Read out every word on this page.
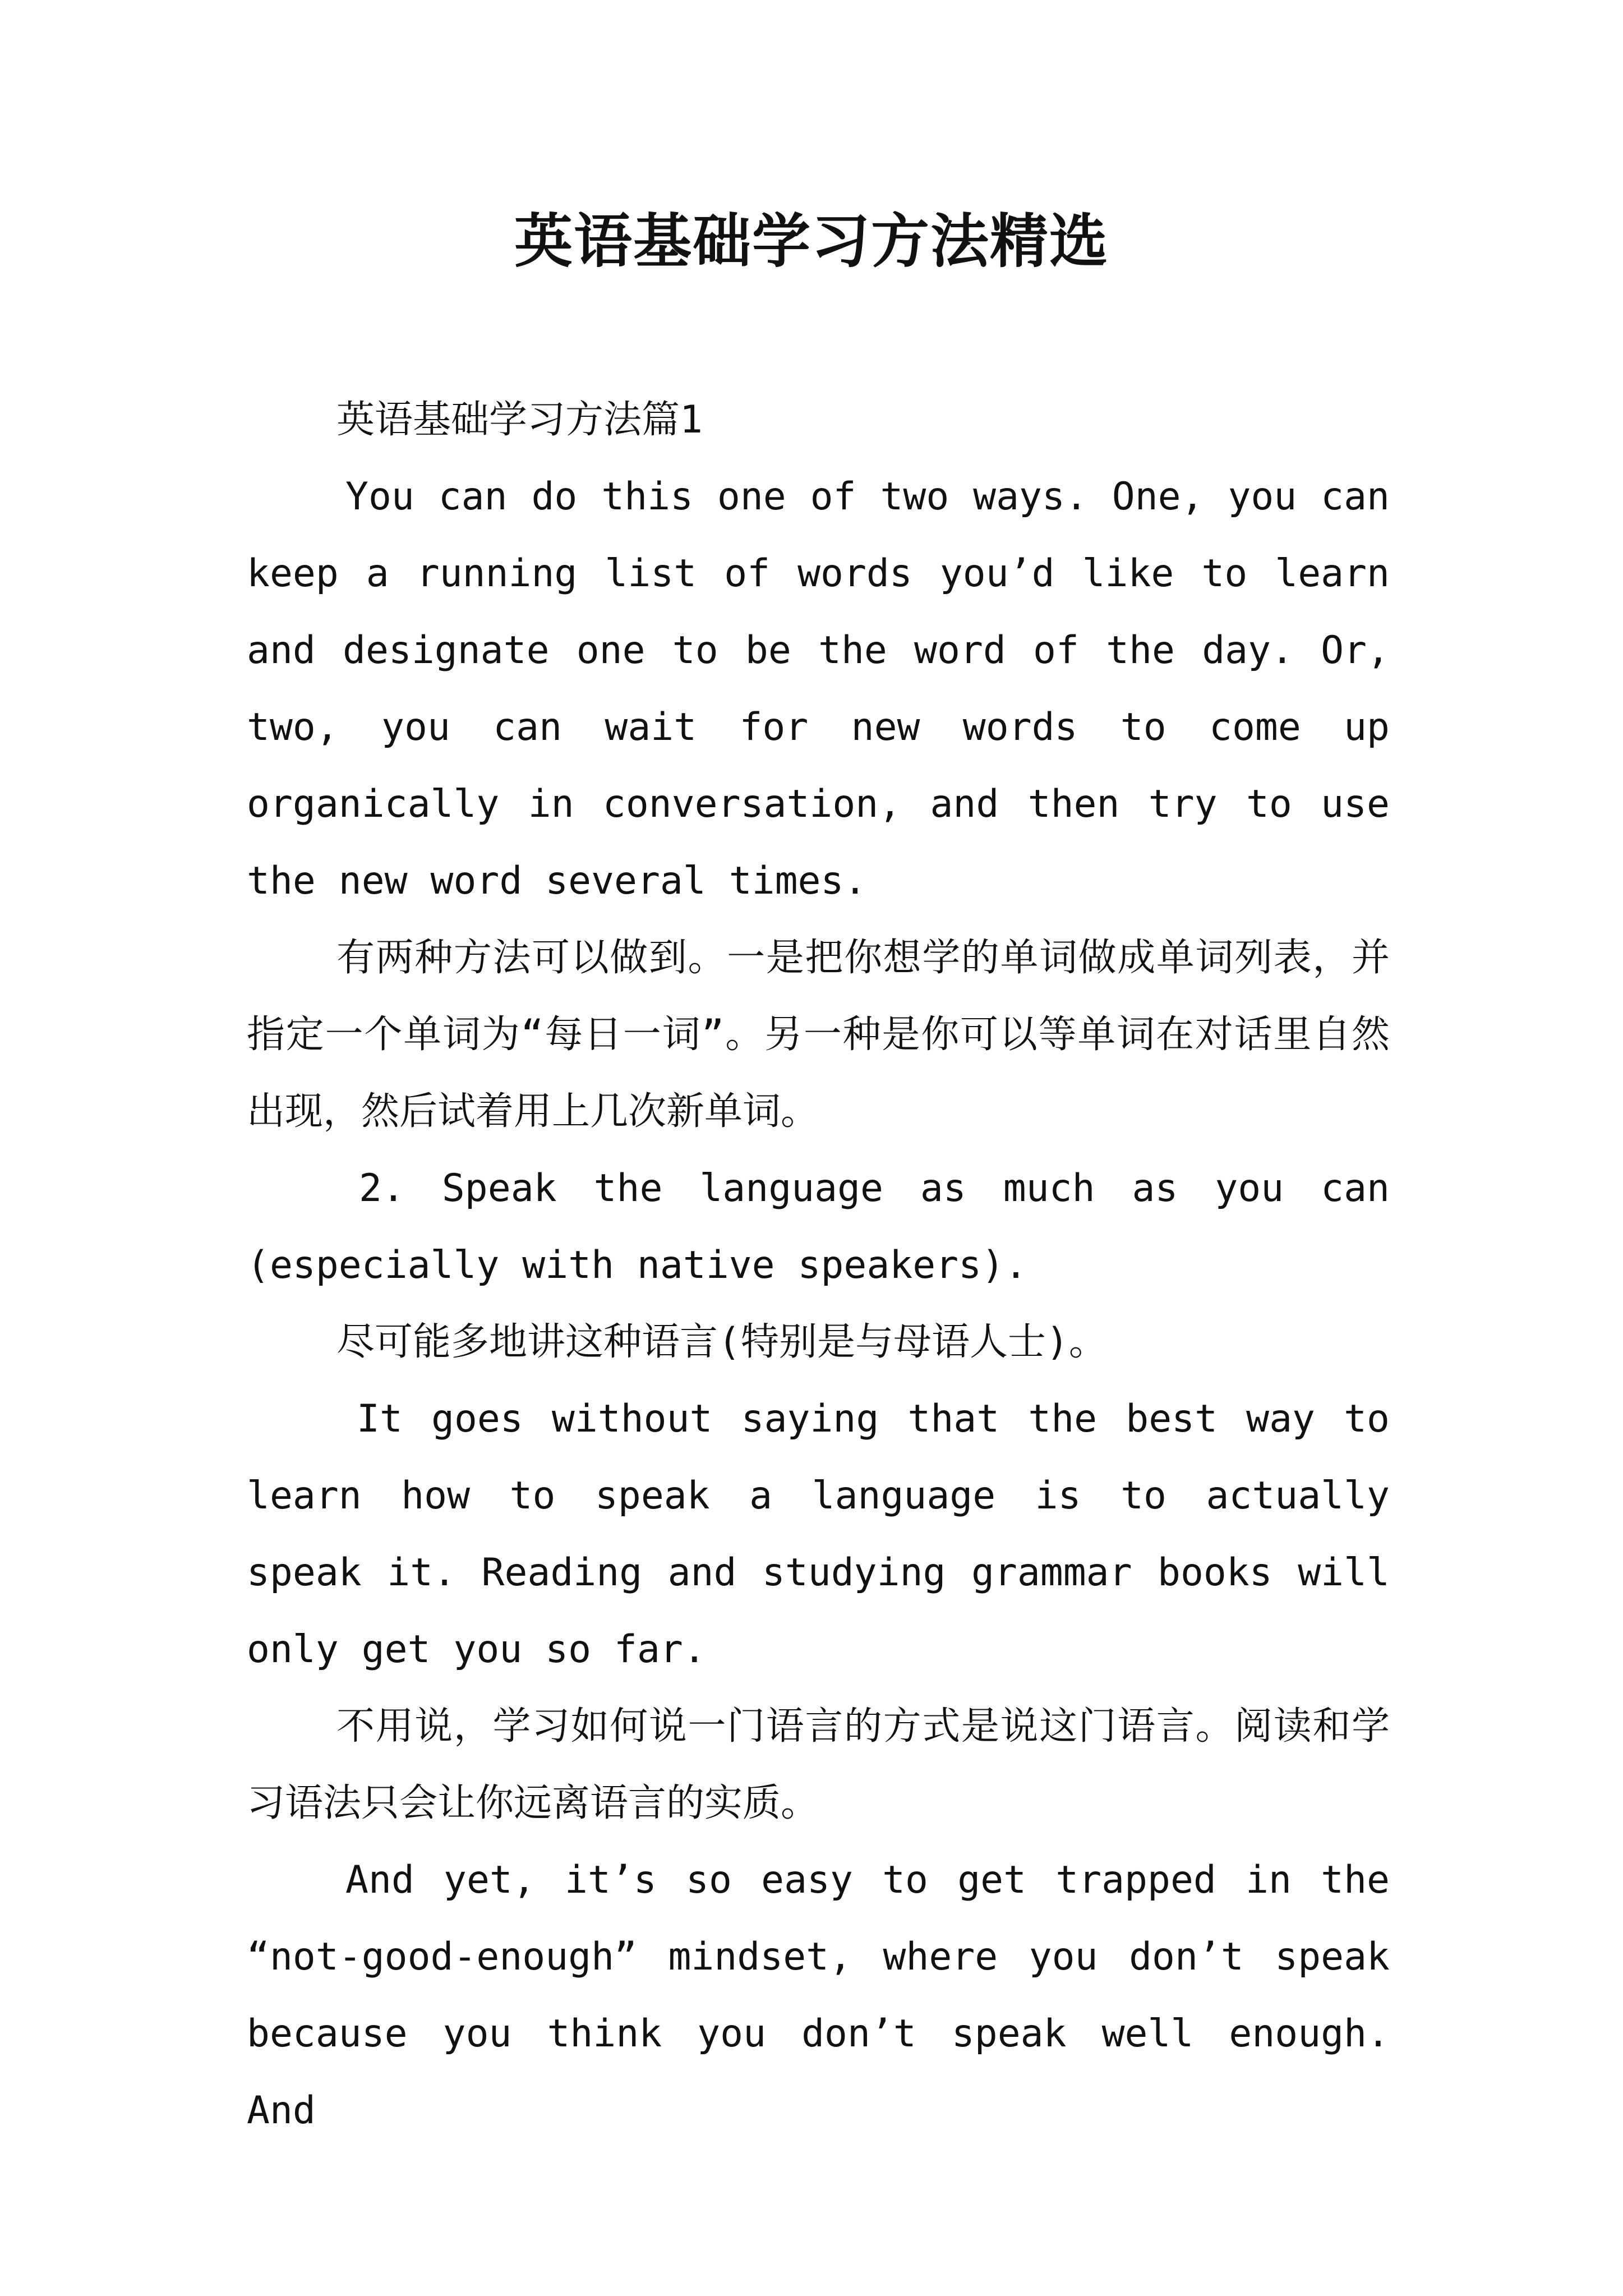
英语基础学习方法精选

英语基础学习方法篇1

You can do this one of two ways. One, you can keep a running list of words you’d like to learn and designate one to be the word of the day. Or, two, you can wait for new words to come up organically in conversation, and then try to use the new word several times.

有两种方法可以做到。一是把你想学的单词做成单词列表，并指定一个单词为“每日一词”。另一种是你可以等单词在对话里自然出现，然后试着用上几次新单词。

2. Speak the language as much as you can (especially with native speakers).

尽可能多地讲这种语言(特别是与母语人士)。

It goes without saying that the best way to learn how to speak a language is to actually speak it. Reading and studying grammar books will only get you so far.

不用说，学习如何说一门语言的方式是说这门语言。阅读和学习语法只会让你远离语言的实质。

And yet, it’s so easy to get trapped in the “not-good-enough” mindset, where you don’t speak because you think you don’t speak well enough. And
